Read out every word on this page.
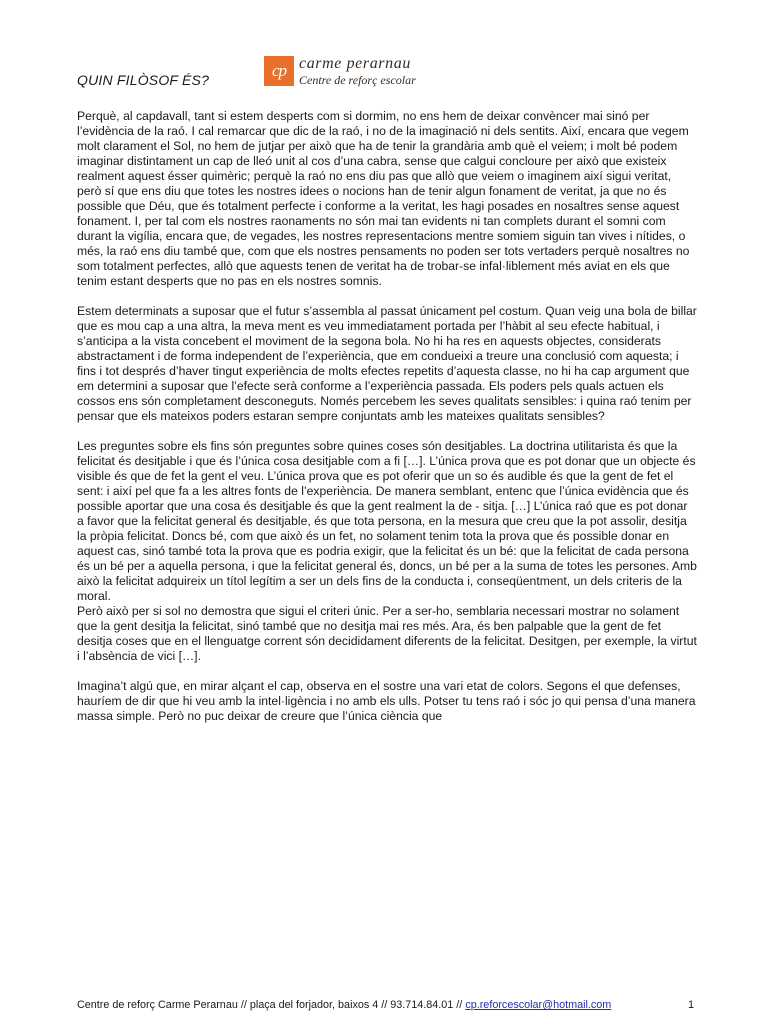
QUIN FILÒSOF ÉS?	cp carme perarnau
Centre de reforç escolar

Perquè, al capdavall, tant si estem desperts com si dormim, no ens hem de deixar convèncer mai sinó per l’evidència de la raó. I cal remarcar que dic de la raó, i no de la imaginació ni dels sentits. Així, encara que vegem molt clarament el Sol, no hem de jutjar per això que ha de tenir la grandària amb què el veiem; i molt bé podem imaginar distintament un cap de lleó unit al cos d’una cabra, sense que calgui concloure per això que existeix realment aquest ésser quimèric; perquè la raó no ens diu pas que allò que veiem o imaginem així sigui veritat, però sí que ens diu que totes les nostres idees o nocions han de tenir algun fonament de veritat, ja que no és possible que Déu, que és totalment perfecte i conforme a la veritat, les hagi posades en nosaltres sense aquest fonament. I, per tal com els nostres raonaments no són mai tan evidents ni tan complets durant el somni com durant la vigília, encara que, de vegades, les nostres representacions mentre somiem siguin tan vives i nítides, o més, la raó ens diu també que, com que els nostres pensaments no poden ser tots vertaders perquè nosaltres no som totalment perfectes, allò que aquests tenen de veritat ha de trobar-se infal·liblement més aviat en els que tenim estant desperts que no pas en els nostres somnis.

Estem determinats a suposar que el futur s’assembla al passat únicament pel costum. Quan veig una bola de billar que es mou cap a una altra, la meva ment es veu immediatament portada per l’hàbit al seu efecte habitual, i s’anticipa a la vista concebent el moviment de la segona bola. No hi ha res en aquests objectes, considerats abstractament i de forma independent de l’experiència, que em condueixi a treure una conclusió com aquesta; i fins i tot després d’haver tingut experiència de molts efectes repetits d’aquesta classe, no hi ha cap argument que em determini a suposar que l’efecte serà conforme a l’experiència passada. Els poders pels quals actuen els cossos ens són completament desconeguts. Només percebem les seves qualitats sensibles: i quina raó tenim per pensar que els mateixos poders estaran sempre conjuntats amb les mateixes qualitats sensibles?

Les preguntes sobre els fins són preguntes sobre quines coses són desitjables. La doctrina utilitarista és que la felicitat és desitjable i que és l’única cosa desitjable com a fi […]. L’única prova que es pot donar que un objecte és visible és que de fet la gent el veu. L’única prova que es pot oferir que un so és audible és que la gent de fet el sent: i així pel que fa a les altres fonts de l’experiència. De manera semblant, entenc que l’única evidència que és possible aportar que una cosa és desitjable és que la gent realment la de - sitja. […] L’única raó que es pot donar a favor que la felicitat general és desitjable, és que tota persona, en la mesura que creu que la pot assolir, desitja la pròpia felicitat. Doncs bé, com que això és un fet, no solament tenim tota la prova que és possible donar en aquest cas, sinó també tota la prova que es podria exigir, que la felicitat és un bé: que la felicitat de cada persona és un bé per a aquella persona, i que la felicitat general és, doncs, un bé per a la suma de totes les persones. Amb això la felicitat adquireix un títol legítim a ser un dels fins de la conducta i, conseqüentment, un dels criteris de la moral.

Però això per si sol no demostra que sigui el criteri únic. Per a ser-ho, semblaria necessari mostrar no solament que la gent desitja la felicitat, sinó també que no desitja mai res més. Ara, és ben palpable que la gent de fet desitja coses que en el llenguatge corrent són decididament diferents de la felicitat. Desitgen, per exemple, la virtut i l’absència de vici […].

Imagina’t algú que, en mirar alçant el cap, observa en el sostre una vari etat de colors. Segons el que defenses, hauríem de dir que hi veu amb la intel·ligència i no amb els ulls. Potser tu tens raó i sóc jo qui pensa d’una manera massa simple. Però no puc deixar de creure que l’única ciència que

Centre de reforç Carme Perarnau // plaça del forjador, baixos 4 // 93.714.84.01 // cp.reforcescolar@hotmail.com	1
